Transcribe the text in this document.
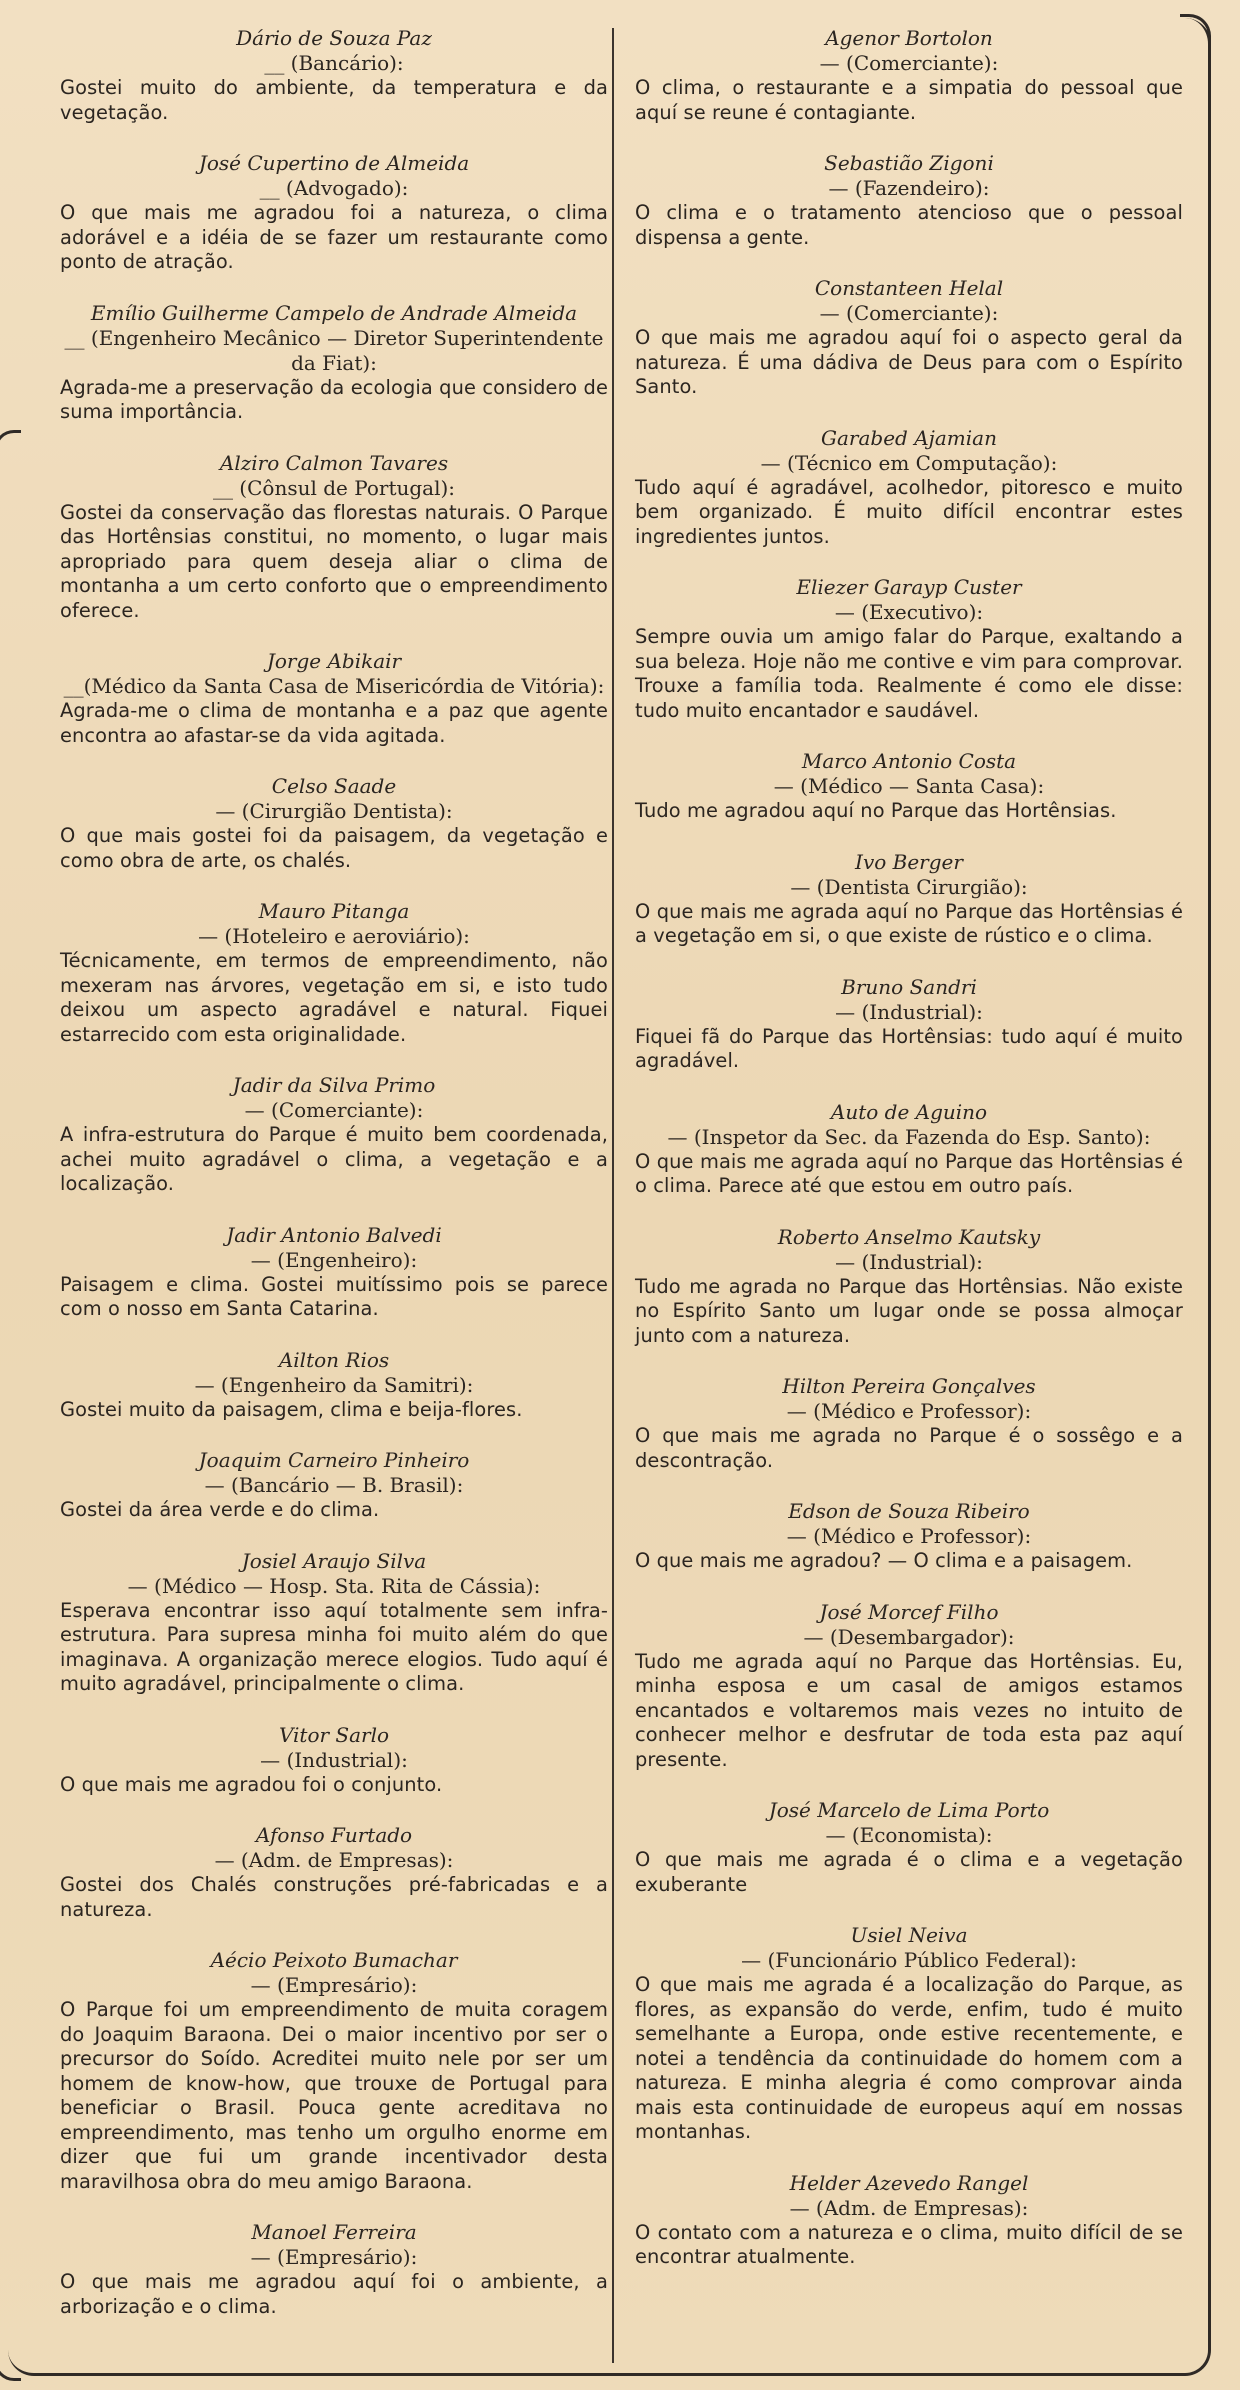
Dário de Souza Paz
__ (Bancário):
Gostei muito do ambiente, da temperatura e da vegetação.
José Cupertino de Almeida
__ (Advogado):
O que mais me agradou foi a natureza, o clima adorável e a idéia de se fazer um restaurante como ponto de atração.
Emílio Guilherme Campelo de Andrade Almeida
__ (Engenheiro Mecânico — Diretor Superintendente da Fiat):
Agrada-me a preservação da ecologia que considero de suma importância.
Alziro Calmon Tavares
__ (Cônsul de Portugal):
Gostei da conservação das florestas naturais. O Parque das Hortênsias constitui, no momento, o lugar mais apropriado para quem deseja aliar o clima de montanha a um certo conforto que o empreendimento oferece.
Jorge Abikair
__(Médico da Santa Casa de Misericórdia de Vitória):
Agrada-me o clima de montanha e a paz que agente encontra ao afastar-se da vida agitada.
Celso Saade
— (Cirurgião Dentista):
O que mais gostei foi da paisagem, da vegetação e como obra de arte, os chalés.
Mauro Pitanga
— (Hoteleiro e aeroviário):
Técnicamente, em termos de empreendimento, não mexeram nas árvores, vegetação em si, e isto tudo deixou um aspecto agradável e natural. Fiquei estarrecido com esta originalidade.
Jadir da Silva Primo
— (Comerciante):
A infra-estrutura do Parque é muito bem coordenada, achei muito agradável o clima, a vegetação e a localização.
Jadir Antonio Balvedi
— (Engenheiro):
Paisagem e clima. Gostei muitíssimo pois se parece com o nosso em Santa Catarina.
Ailton Rios
— (Engenheiro da Samitri):
Gostei muito da paisagem, clima e beija-flores.
Joaquim Carneiro Pinheiro
— (Bancário — B. Brasil):
Gostei da área verde e do clima.
Josiel Araujo Silva
— (Médico — Hosp. Sta. Rita de Cássia):
Esperava encontrar isso aquí totalmente sem infra-estrutura. Para supresa minha foi muito além do que imaginava. A organização merece elogios. Tudo aquí é muito agradável, principalmente o clima.
Vitor Sarlo
— (Industrial):
O que mais me agradou foi o conjunto.
Afonso Furtado
— (Adm. de Empresas):
Gostei dos Chalés construções pré-fabricadas e a natureza.
Aécio Peixoto Bumachar
— (Empresário):
O Parque foi um empreendimento de muita coragem do Joaquim Baraona. Dei o maior incentivo por ser o precursor do Soído. Acreditei muito nele por ser um homem de know-how, que trouxe de Portugal para beneficiar o Brasil. Pouca gente acreditava no empreendimento, mas tenho um orgulho enorme em dizer que fui um grande incentivador desta maravilhosa obra do meu amigo Baraona.
Manoel Ferreira
— (Empresário):
O que mais me agradou aquí foi o ambiente, a arborização e o clima.
Agenor Bortolon
— (Comerciante):
O clima, o restaurante e a simpatia do pessoal que aquí se reune é contagiante.
Sebastião Zigoni
— (Fazendeiro):
O clima e o tratamento atencioso que o pessoal dispensa a gente.
Constanteen Helal
— (Comerciante):
O que mais me agradou aquí foi o aspecto geral da natureza. É uma dádiva de Deus para com o Espírito Santo.
Garabed Ajamian
— (Técnico em Computação):
Tudo aquí é agradável, acolhedor, pitoresco e muito bem organizado. É muito difícil encontrar estes ingredientes juntos.
Eliezer Garayp Custer
— (Executivo):
Sempre ouvia um amigo falar do Parque, exaltando a sua beleza. Hoje não me contive e vim para comprovar. Trouxe a família toda. Realmente é como ele disse: tudo muito encantador e saudável.
Marco Antonio Costa
— (Médico — Santa Casa):
Tudo me agradou aquí no Parque das Hortênsias.
Ivo Berger
— (Dentista Cirurgião):
O que mais me agrada aquí no Parque das Hortênsias é a vegetação em si, o que existe de rústico e o clima.
Bruno Sandri
— (Industrial):
Fiquei fã do Parque das Hortênsias: tudo aquí é muito agradável.
Auto de Aguino
— (Inspetor da Sec. da Fazenda do Esp. Santo):
O que mais me agrada aquí no Parque das Hortênsias é o clima. Parece até que estou em outro país.
Roberto Anselmo Kautsky
— (Industrial):
Tudo me agrada no Parque das Hortênsias. Não existe no Espírito Santo um lugar onde se possa almoçar junto com a natureza.
Hilton Pereira Gonçalves
— (Médico e Professor):
O que mais me agrada no Parque é o sossêgo e a descontração.
Edson de Souza Ribeiro
— (Médico e Professor):
O que mais me agradou? — O clima e a paisagem.
José Morcef Filho
— (Desembargador):
Tudo me agrada aquí no Parque das Hortênsias. Eu, minha esposa e um casal de amigos estamos encantados e voltaremos mais vezes no intuito de conhecer melhor e desfrutar de toda esta paz aquí presente.
José Marcelo de Lima Porto
— (Economista):
O que mais me agrada é o clima e a vegetação exuberante
Usiel Neiva
— (Funcionário Público Federal):
O que mais me agrada é a localização do Parque, as flores, as expansão do verde, enfim, tudo é muito semelhante a Europa, onde estive recentemente, e notei a tendência da continuidade do homem com a natureza. E minha alegria é como comprovar ainda mais esta continuidade de europeus aquí em nossas montanhas.
Helder Azevedo Rangel
— (Adm. de Empresas):
O contato com a natureza e o clima, muito difícil de se encontrar atualmente.
